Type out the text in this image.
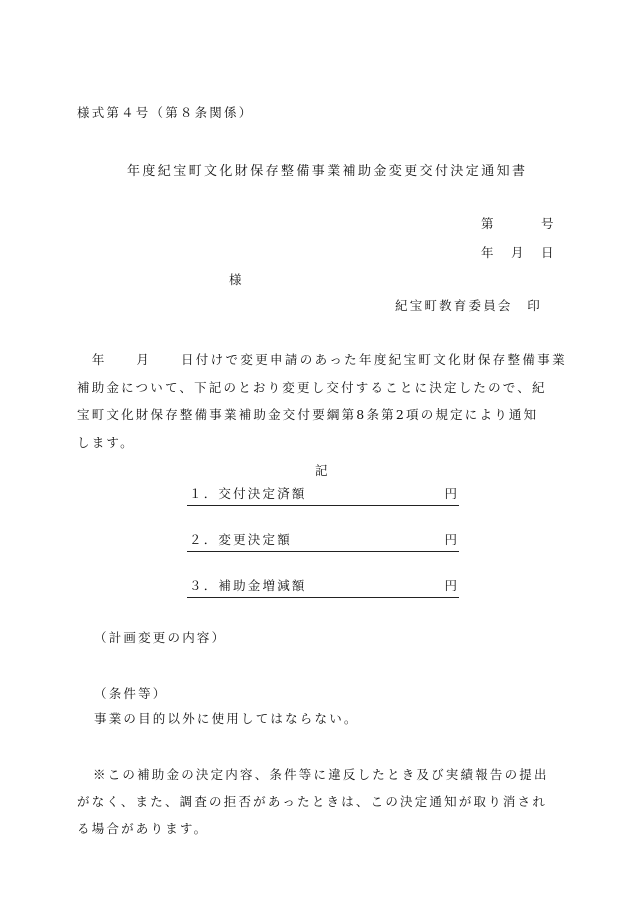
様式第４号（第８条関係）
年度紀宝町文化財保存整備事業補助金変更交付決定通知書
第	号
年 月 日
様
紀宝町教育委員会　印
　年　　月　　日付けで変更申請のあった年度紀宝町文化財保存整備事業
補助金について、下記のとおり変更し交付することに決定したので、紀
宝町文化財保存整備事業補助金交付要綱第8条第2項の規定により通知
します。
記
１．交付決定済額	円
２．変更決定額	円
３．補助金増減額	円
（計画変更の内容）
（条件等）
事業の目的以外に使用してはならない。
※この補助金の決定内容、条件等に違反したとき及び実績報告の提出
がなく、また、調査の拒否があったときは、この決定通知が取り消され
る場合があります。
